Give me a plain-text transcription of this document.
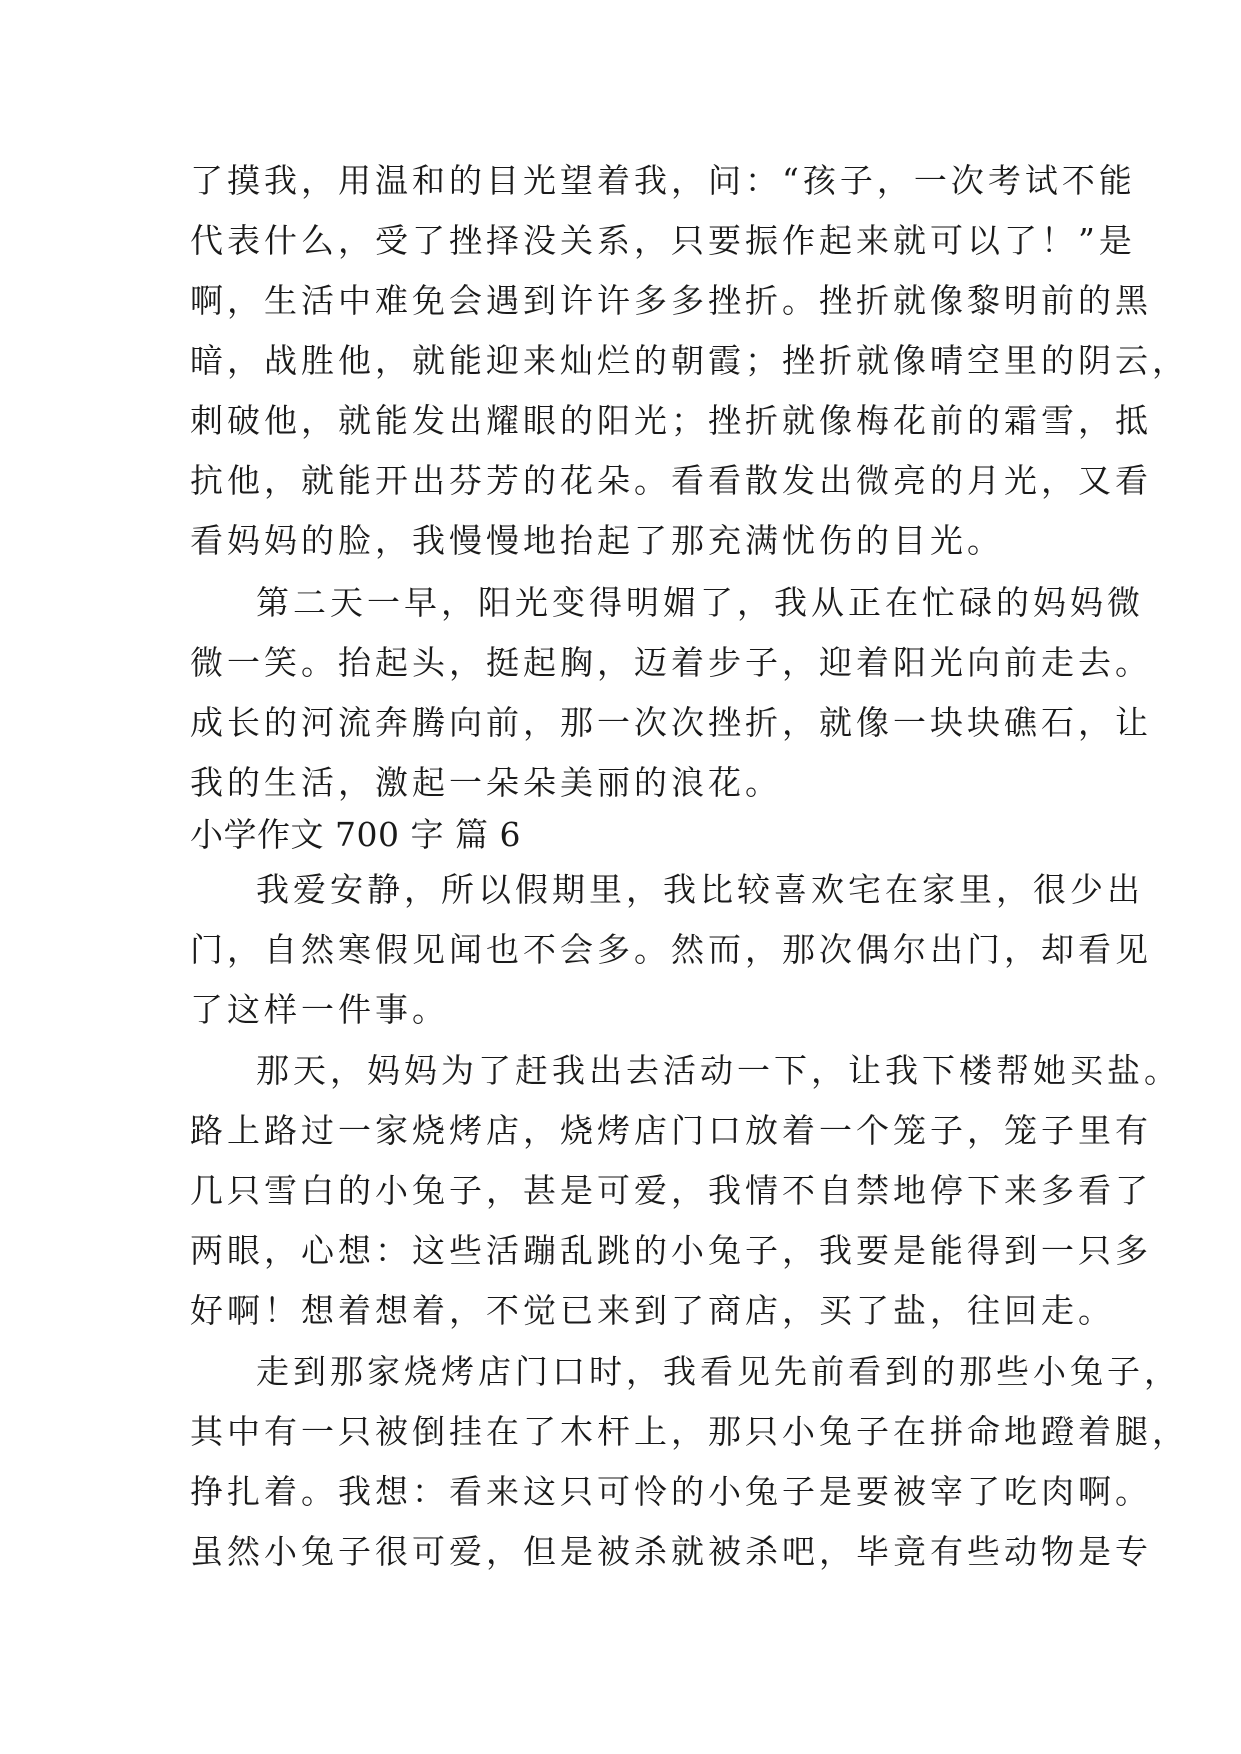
了摸我，用温和的目光望着我，问：“孩子，一次考试不能
代表什么，受了挫择没关系，只要振作起来就可以了！”是
啊，生活中难免会遇到许许多多挫折。挫折就像黎明前的黑
暗，战胜他，就能迎来灿烂的朝霞；挫折就像晴空里的阴云，
刺破他，就能发出耀眼的阳光；挫折就像梅花前的霜雪，抵
抗他，就能开出芬芳的花朵。看看散发出微亮的月光，又看
看妈妈的脸，我慢慢地抬起了那充满忧伤的目光。
第二天一早，阳光变得明媚了，我从正在忙碌的妈妈微
微一笑。抬起头，挺起胸，迈着步子，迎着阳光向前走去。
成长的河流奔腾向前，那一次次挫折，就像一块块礁石，让
我的生活，激起一朵朵美丽的浪花。
小学作文 700 字 篇 6
我爱安静，所以假期里，我比较喜欢宅在家里，很少出
门，自然寒假见闻也不会多。然而，那次偶尔出门，却看见
了这样一件事。
那天，妈妈为了赶我出去活动一下，让我下楼帮她买盐。
路上路过一家烧烤店，烧烤店门口放着一个笼子，笼子里有
几只雪白的小兔子，甚是可爱，我情不自禁地停下来多看了
两眼，心想：这些活蹦乱跳的小兔子，我要是能得到一只多
好啊！想着想着，不觉已来到了商店，买了盐，往回走。
走到那家烧烤店门口时，我看见先前看到的那些小兔子，
其中有一只被倒挂在了木杆上，那只小兔子在拼命地蹬着腿，
挣扎着。我想：看来这只可怜的小兔子是要被宰了吃肉啊。
虽然小兔子很可爱，但是被杀就被杀吧，毕竟有些动物是专
